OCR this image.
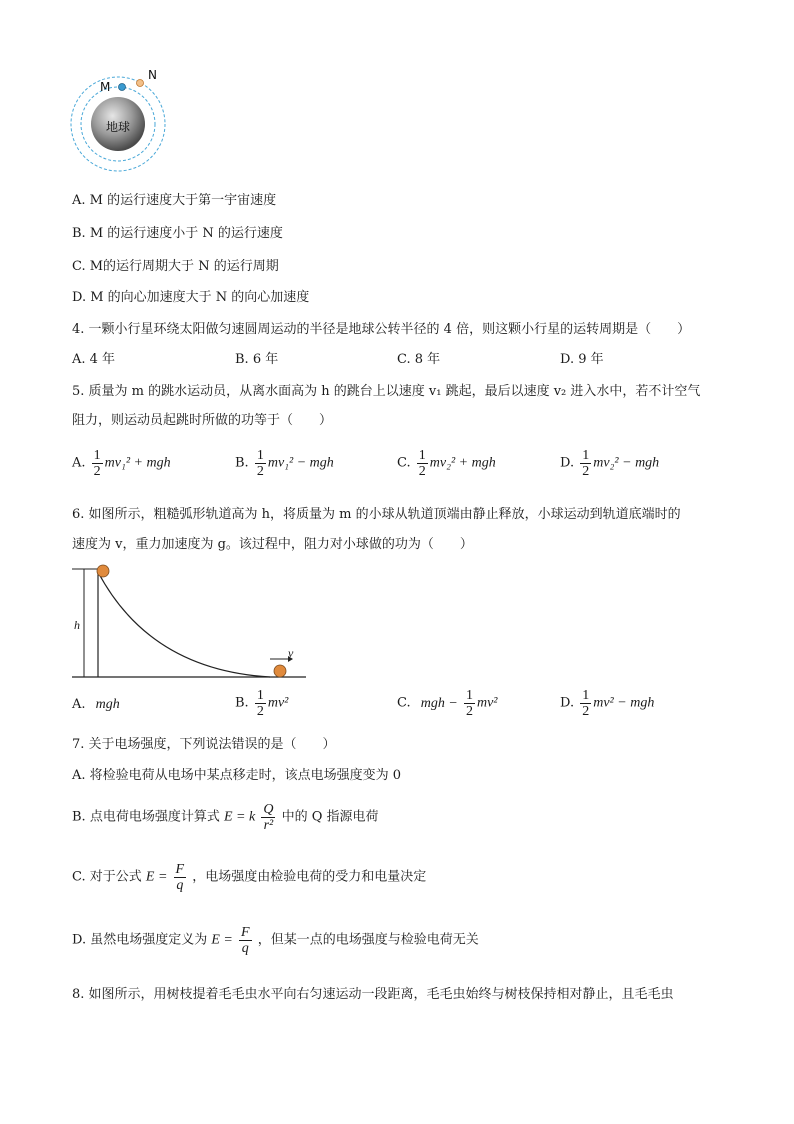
地球
M
N
A. M 的运行速度大于第一宇宙速度
B. M 的运行速度小于 N 的运行速度
C. M的运行周期大于 N 的运行周期
D. M 的向心加速度大于 N 的向心加速度
4. 一颗小行星环绕太阳做匀速圆周运动的半径是地球公转半径的 4 倍，则这颗小行星的运转周期是（　　）
A. 4 年	B. 6 年	C. 8 年	D. 9 年
5. 质量为 m 的跳水运动员，从离水面高为 h 的跳台上以速度 v₁ 跳起，最后以速度 v₂ 进入水中，若不计空气
阻力，则运动员起跳时所做的功等于（　　）
A. $\frac{1}{2} mv_1^2$ + mgh	B. $\frac{1}{2} mv_1^2$ − mgh	C. $\frac{1}{2} mv_2^2$ + mgh	D. $\frac{1}{2} mv_2^2$ − mgh
6. 如图所示，粗糙弧形轨道高为 h，将质量为 m 的小球从轨道顶端由静止释放，小球运动到轨道底端时的
速度为 v，重力加速度为 g。该过程中，阻力对小球做的功为（　　）
h
v
A. mgh	B. $\frac{1}{2} mv^2$	C. mgh − $\frac{1}{2} mv^2$	D. $\frac{1}{2} mv^2$ − mgh
7. 关于电场强度，下列说法错误的是（　　）
A. 将检验电荷从电场中某点移走时，该点电场强度变为 0
B. 点电荷电场强度计算式 E = k $\frac{Q}{\text{r²}}$ 中的 Q 指源电荷
C. 对于公式 $E = \frac{F}{q}$ ，电场强度由检验电荷的受力和电量决定
D. 虽然电场强度定义为 $E = \frac{F}{q}$ ，但某一点的电场强度与检验电荷无关
8. 如图所示，用树枝提着毛毛虫水平向右匀速运动一段距离，毛毛虫始终与树枝保持相对静止，且毛毛虫
